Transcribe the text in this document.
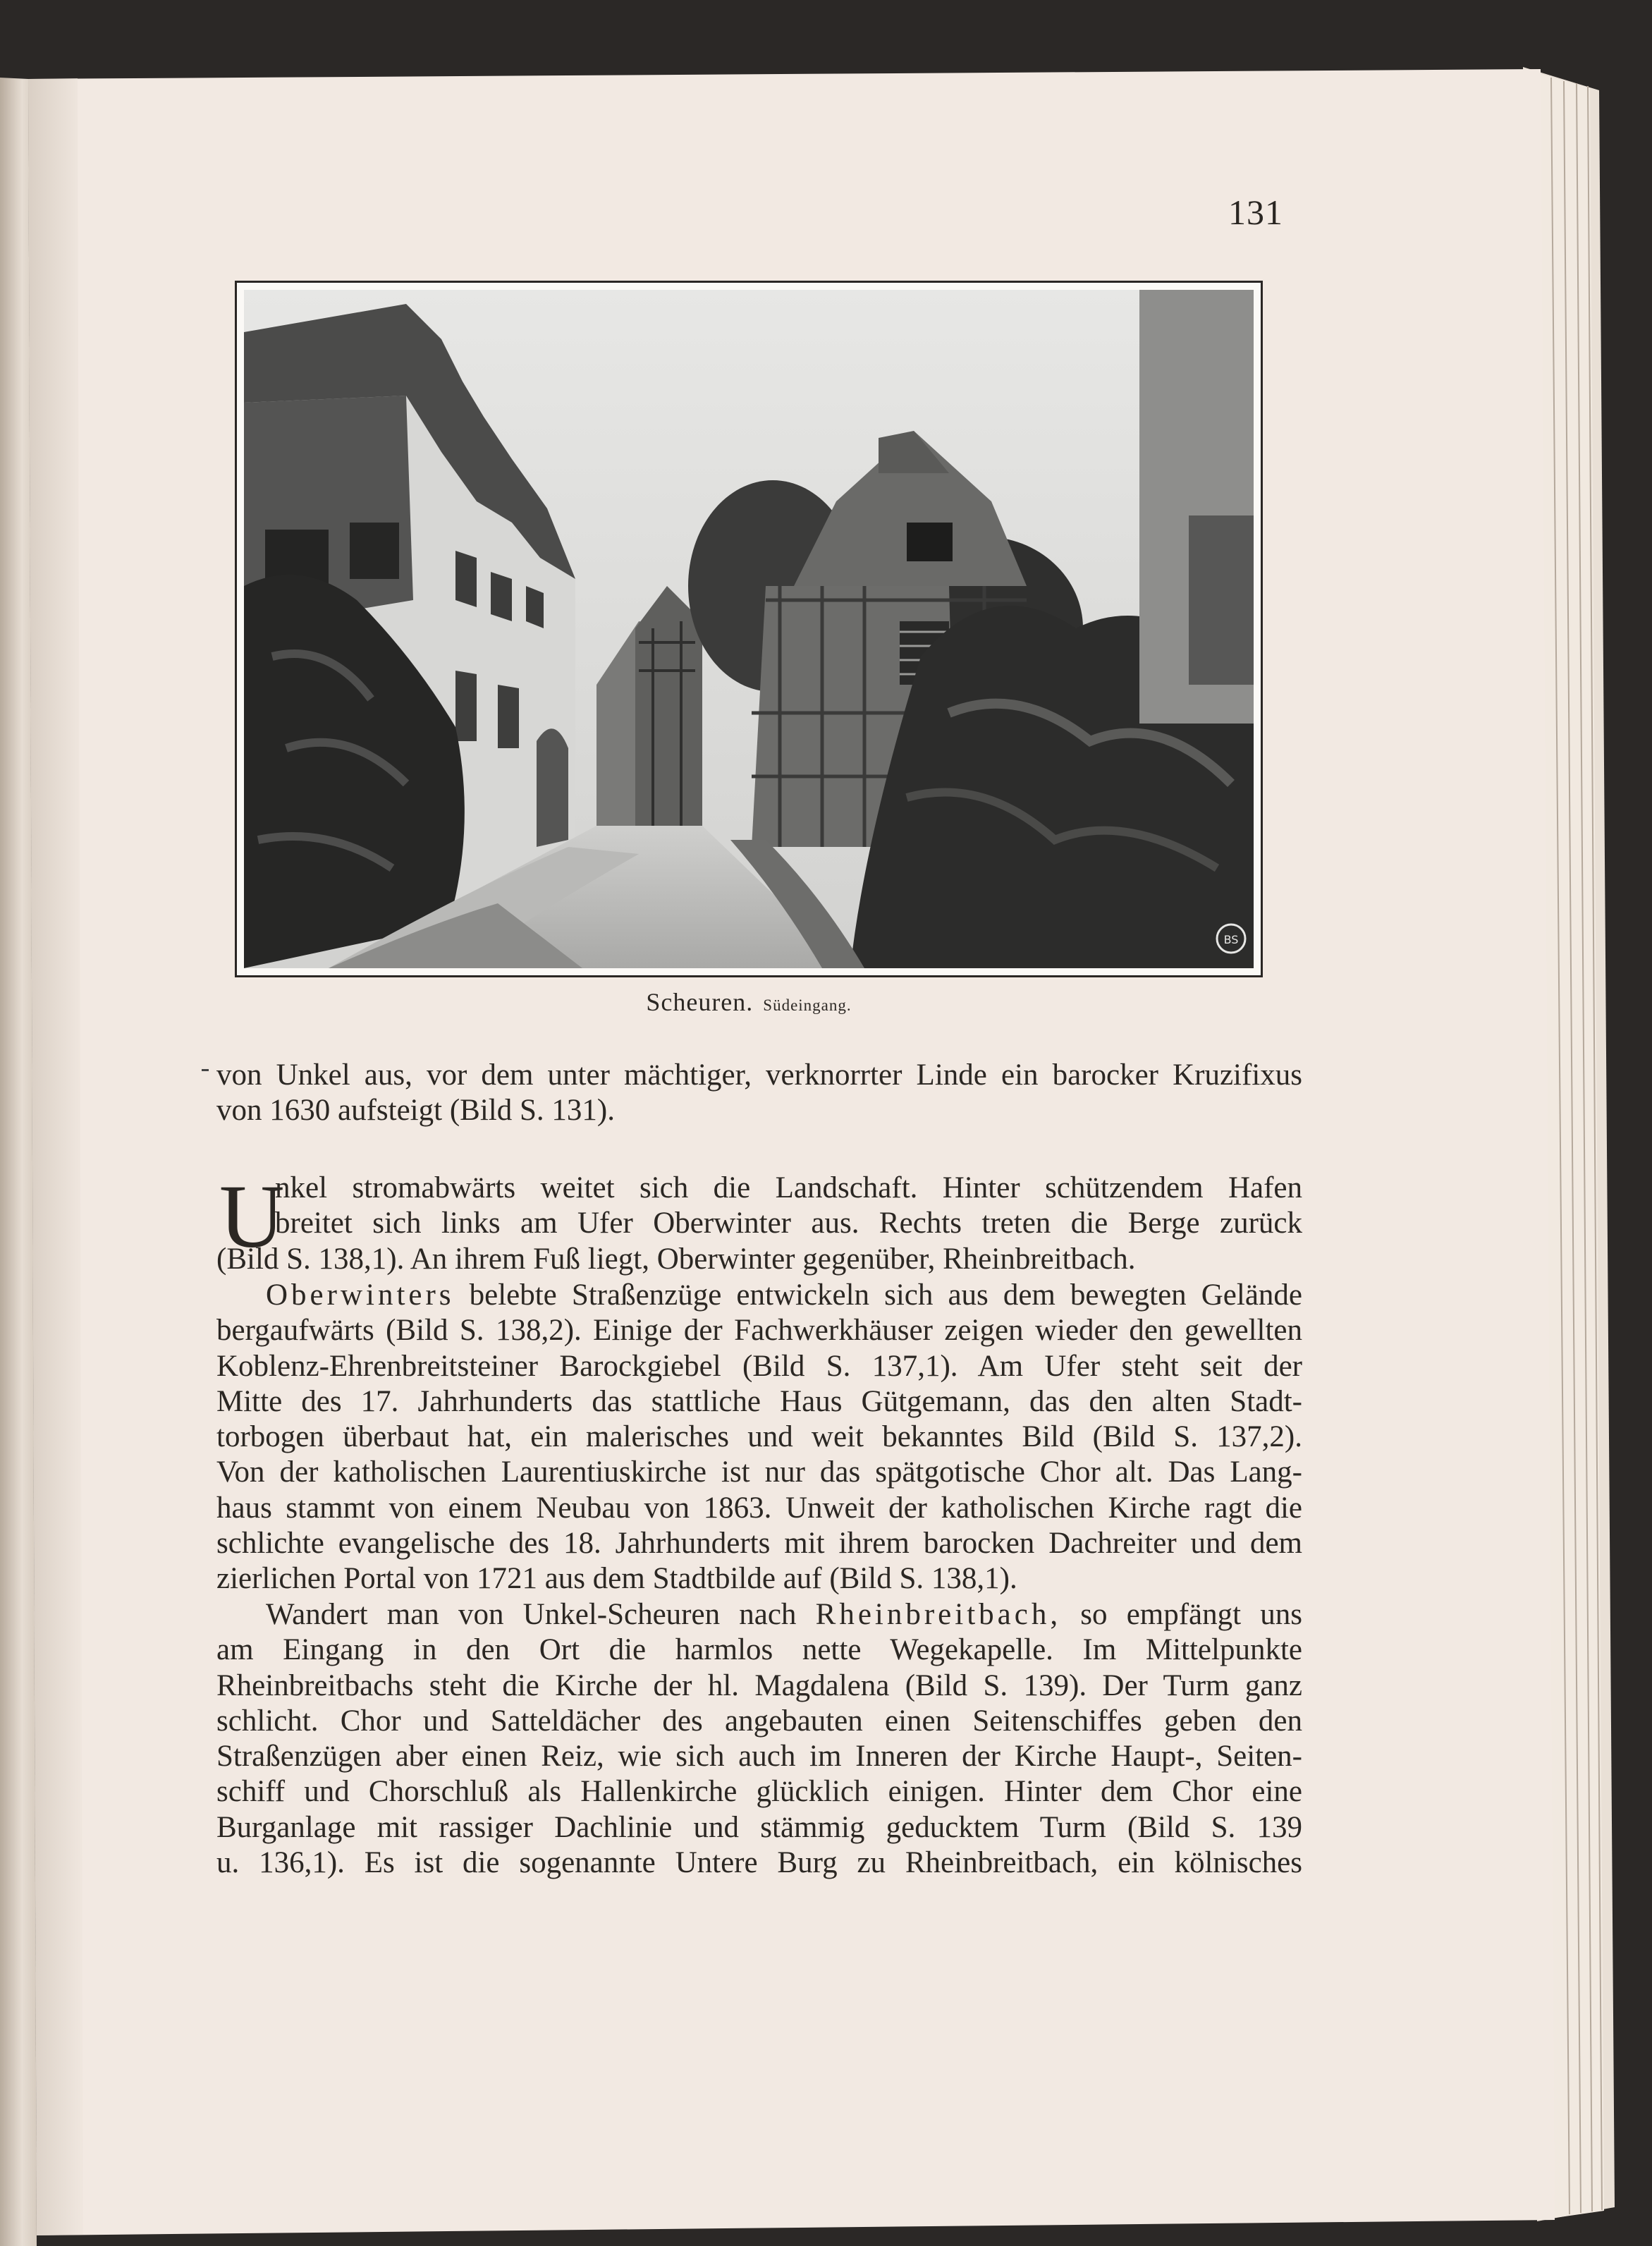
131
BS
Scheuren. Südeingang.
von Unkel aus, vor dem unter mächtiger, verknorrter Linde ein barocker Kruzifixus
von 1630 aufsteigt (Bild S. 131).
U
nkel stromabwärts weitet sich die Landschaft. Hinter schützendem Hafen
breitet sich links am Ufer Oberwinter aus. Rechts treten die Berge zurück
(Bild S. 138,1). An ihrem Fuß liegt, Oberwinter gegenüber, Rheinbreitbach.
Oberwinters belebte Straßenzüge entwickeln sich aus dem bewegten Gelände
bergaufwärts (Bild S. 138,2). Einige der Fachwerkhäuser zeigen wieder den gewellten
Koblenz-Ehrenbreitsteiner Barockgiebel (Bild S. 137,1). Am Ufer steht seit der
Mitte des 17. Jahrhunderts das stattliche Haus Gütgemann, das den alten Stadt-
torbogen überbaut hat, ein malerisches und weit bekanntes Bild (Bild S. 137,2).
Von der katholischen Laurentiuskirche ist nur das spätgotische Chor alt. Das Lang-
haus stammt von einem Neubau von 1863. Unweit der katholischen Kirche ragt die
schlichte evangelische des 18. Jahrhunderts mit ihrem barocken Dachreiter und dem
zierlichen Portal von 1721 aus dem Stadtbilde auf (Bild S. 138,1).
Wandert man von Unkel-Scheuren nach Rheinbreitbach, so empfängt uns
am Eingang in den Ort die harmlos nette Wegekapelle. Im Mittelpunkte
Rheinbreitbachs steht die Kirche der hl. Magdalena (Bild S. 139). Der Turm ganz
schlicht. Chor und Satteldächer des angebauten einen Seitenschiffes geben den
Straßenzügen aber einen Reiz, wie sich auch im Inneren der Kirche Haupt-, Seiten-
schiff und Chorschluß als Hallenkirche glücklich einigen. Hinter dem Chor eine
Burganlage mit rassiger Dachlinie und stämmig geducktem Turm (Bild S. 139
u. 136,1). Es ist die sogenannte Untere Burg zu Rheinbreitbach, ein kölnisches
